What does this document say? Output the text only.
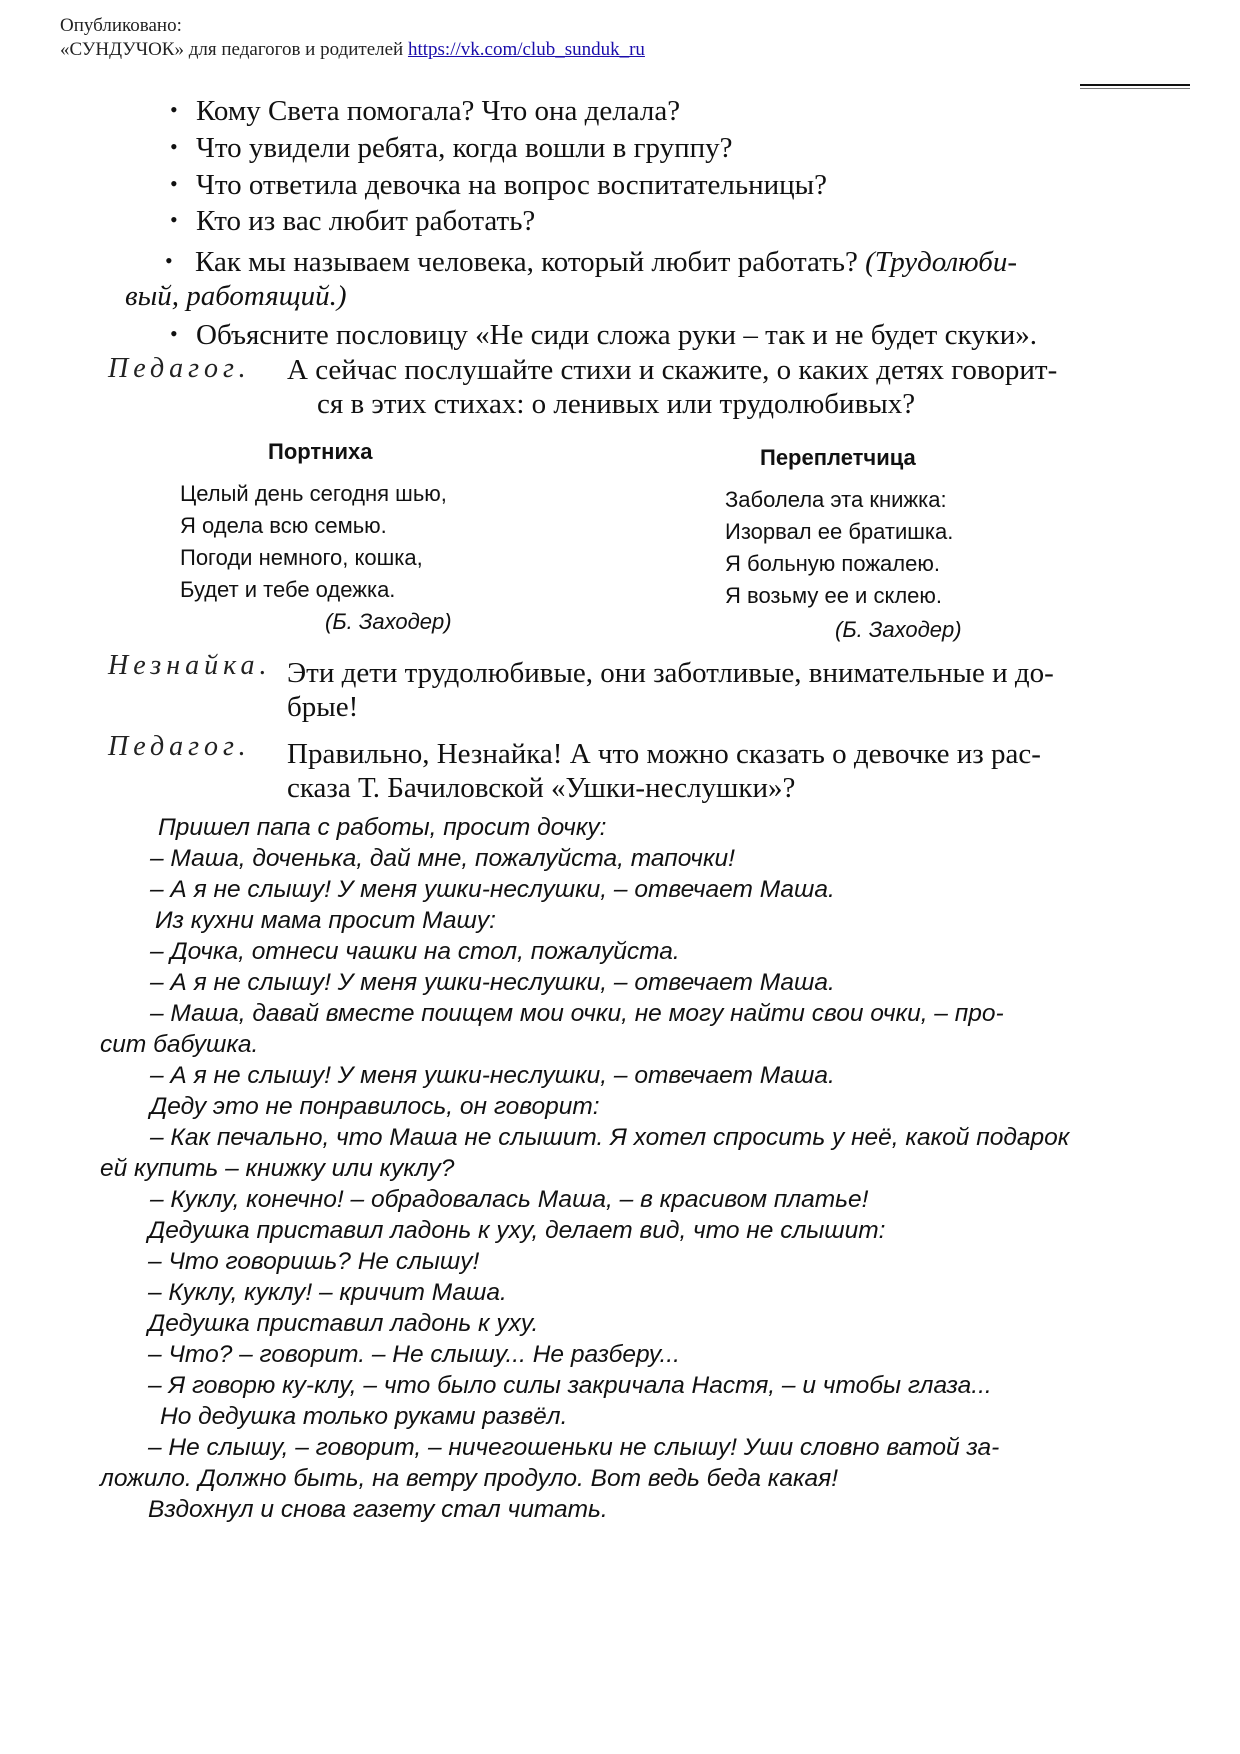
Опубликовано:
«СУНДУЧОК» для педагогов и родителей https://vk.com/club_sunduk_ru
• Кому Света помогала? Что она делала?
• Что увидели ребята, когда вошли в группу?
• Что ответила девочка на вопрос воспитательницы?
• Кто из вас любит работать?
• Как мы называем человека, который любит работать? (Трудолюби-
вый, работящий.)
• Объясните пословицу «Не сиди сложа руки – так и не будет скуки».
Педагог. А сейчас послушайте стихи и скажите, о каких детях говорит-
ся в этих стихах: о ленивых или трудолюбивых?
Портниха
Целый день сегодня шью,
Я одела всю семью.
Погоди немного, кошка,
Будет и тебе одежка.
(Б. Заходер)
Переплетчица
Заболела эта книжка:
Изорвал ее братишка.
Я больную пожалею.
Я возьму ее и склею.
(Б. Заходер)
Незнайка. Эти дети трудолюбивые, они заботливые, внимательные и до-
брые!
Педагог. Правильно, Незнайка! А что можно сказать о девочке из рас-
сказа Т. Бачиловской «Ушки-неслушки»?
Пришел папа с работы, просит дочку:
– Маша, доченька, дай мне, пожалуйста, тапочки!
– А я не слышу! У меня ушки-неслушки, – отвечает Маша.
Из кухни мама просит Машу:
– Дочка, отнеси чашки на стол, пожалуйста.
– А я не слышу! У меня ушки-неслушки, – отвечает Маша.
– Маша, давай вместе поищем мои очки, не могу найти свои очки, – про-
сит бабушка.
– А я не слышу! У меня ушки-неслушки, – отвечает Маша.
Деду это не понравилось, он говорит:
– Как печально, что Маша не слышит. Я хотел спросить у неё, какой подарок
ей купить – книжку или куклу?
– Куклу, конечно! – обрадовалась Маша, – в красивом платье!
Дедушка приставил ладонь к уху, делает вид, что не слышит:
– Что говоришь? Не слышу!
– Куклу, куклу! – кричит Маша.
Дедушка приставил ладонь к уху.
– Что? – говорит. – Не слышу... Не разберу...
– Я говорю ку-клу, – что было силы закричала Настя, – и чтобы глаза...
Но дедушка только руками развёл.
– Не слышу, – говорит, – ничегошеньки не слышу! Уши словно ватой за-
ложило. Должно быть, на ветру продуло. Вот ведь беда какая!
Вздохнул и снова газету стал читать.
